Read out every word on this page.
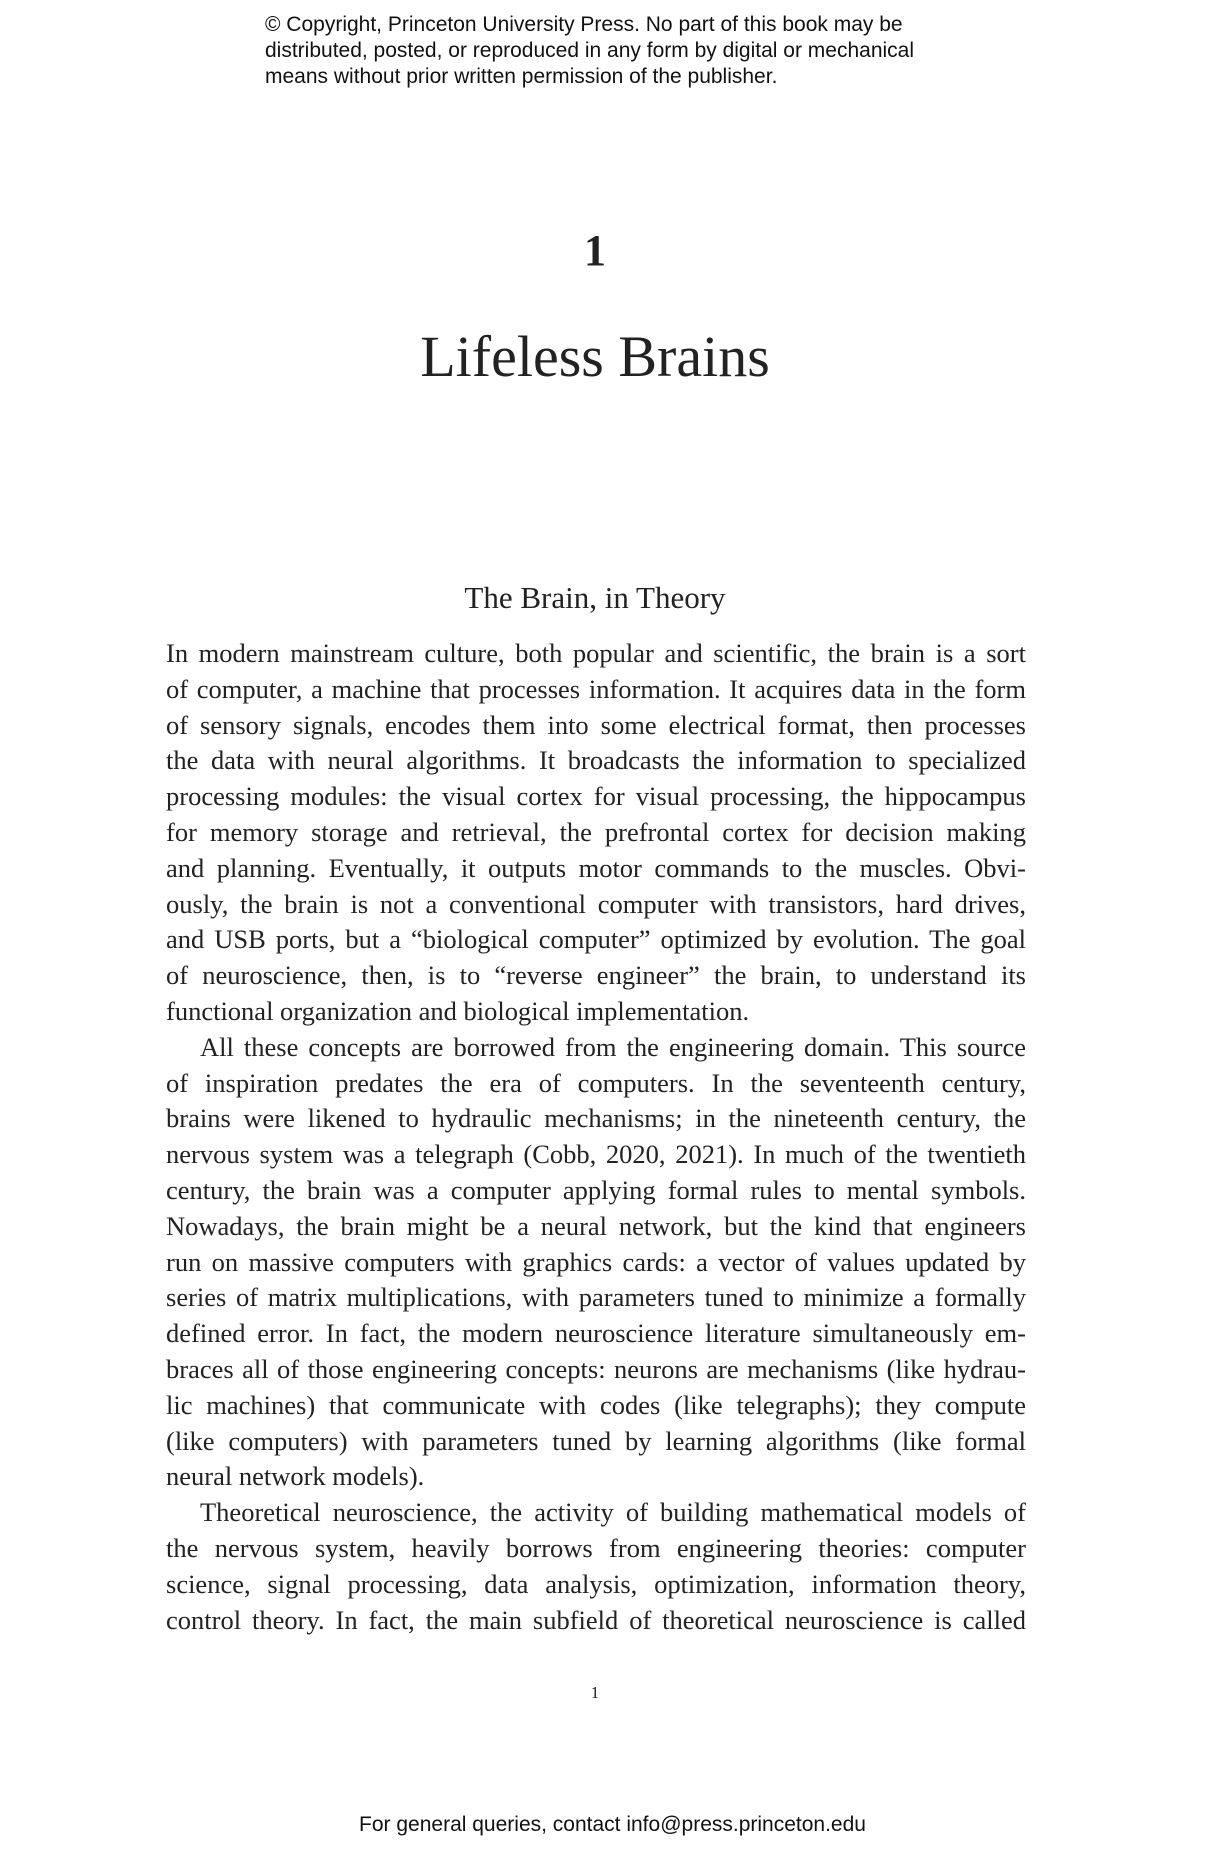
© Copyright, Princeton University Press. No part of this book may be
distributed, posted, or reproduced in any form by digital or mechanical
means without prior written permission of the publisher.
1
Lifeless Brains
The Brain, in Theory
In modern mainstream culture, both popular and scientific, the brain is a sort
of computer, a machine that processes information. It acquires data in the form
of sensory signals, encodes them into some electrical format, then processes
the data with neural algorithms. It broadcasts the information to specialized
processing modules: the visual cortex for visual processing, the hippocampus
for memory storage and retrieval, the prefrontal cortex for decision making
and planning. Eventually, it outputs motor commands to the muscles. Obvi-
ously, the brain is not a conventional computer with transistors, hard drives,
and USB ports, but a “biological computer” optimized by evolution. The goal
of neuroscience, then, is to “reverse engineer” the brain, to understand its
functional organization and biological implementation.
All these concepts are borrowed from the engineering domain. This source
of inspiration predates the era of computers. In the seventeenth century,
brains were likened to hydraulic mechanisms; in the nineteenth century, the
nervous system was a telegraph (Cobb, 2020, 2021). In much of the twentieth
century, the brain was a computer applying formal rules to mental symbols.
Nowadays, the brain might be a neural network, but the kind that engineers
run on massive computers with graphics cards: a vector of values updated by
series of matrix multiplications, with parameters tuned to minimize a formally
defined error. In fact, the modern neuroscience literature simultaneously em-
braces all of those engineering concepts: neurons are mechanisms (like hydrau-
lic machines) that communicate with codes (like telegraphs); they compute
(like computers) with parameters tuned by learning algorithms (like formal
neural network models).
Theoretical neuroscience, the activity of building mathematical models of
the nervous system, heavily borrows from engineering theories: computer
science, signal processing, data analysis, optimization, information theory,
control theory. In fact, the main subfield of theoretical neuroscience is called
1
For general queries, contact info@press.princeton.edu
